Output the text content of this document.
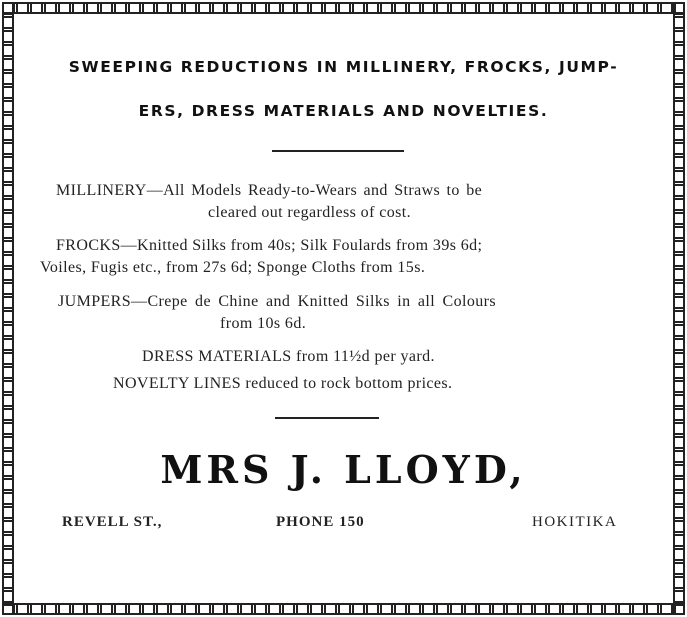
SWEEPING REDUCTIONS IN MILLINERY, FROCKS, JUMP-
ERS, DRESS MATERIALS AND NOVELTIES.
MILLINERY—All Models Ready-to-Wears and Straws to be
cleared out regardless of cost.
FROCKS—Knitted Silks from 40s; Silk Foulards from 39s 6d;
Voiles, Fugis etc., from 27s 6d; Sponge Cloths from 15s.
JUMPERS—Crepe de Chine and Knitted Silks in all Colours
from 10s 6d.
DRESS MATERIALS from 11½d per yard.
NOVELTY LINES reduced to rock bottom prices.
MRS J. LLOYD,
REVELL ST.,	PHONE 150	HOKITIKA
